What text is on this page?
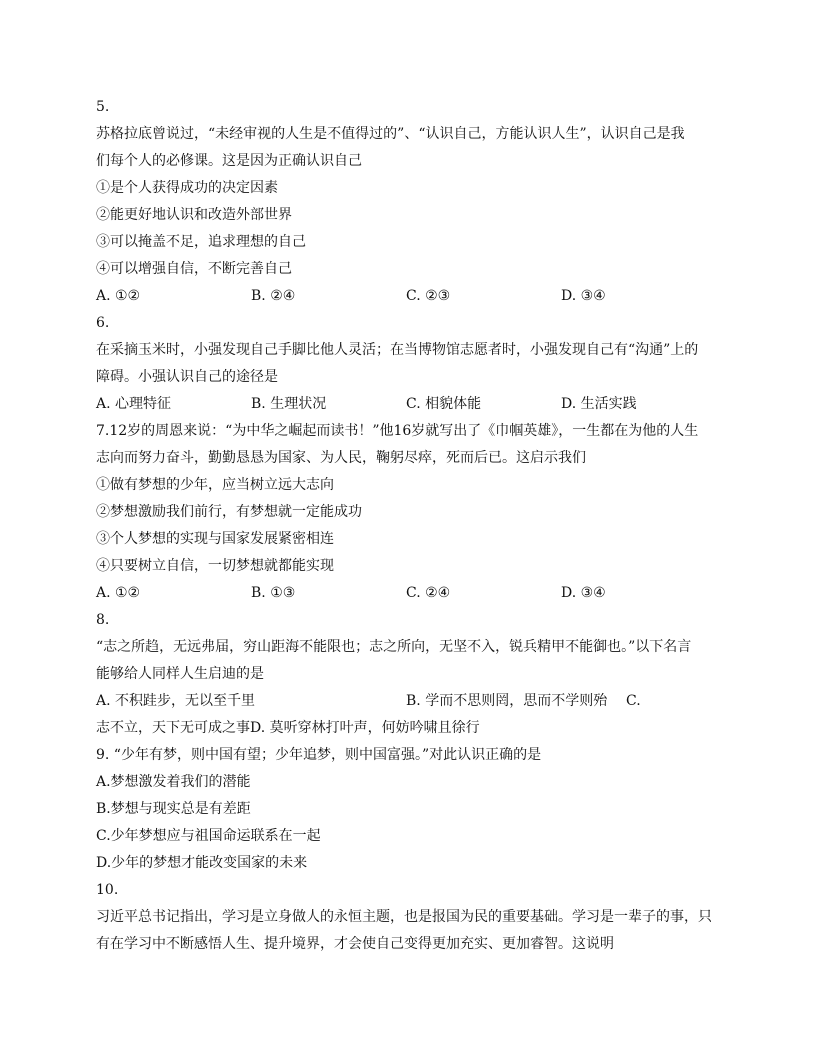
5.
苏格拉底曾说过，“未经审视的人生是不值得过的”、“认识自己，方能认识人生”，认识自己是我
们每个人的必修课。这是因为正确认识自己
①是个人获得成功的决定因素
②能更好地认识和改造外部世界
③可以掩盖不足，追求理想的自己
④可以增强自信，不断完善自己
A. ①②	B. ②④	C. ②③	D. ③④
6.
在采摘玉米时，小强发现自己手脚比他人灵活；在当博物馆志愿者时，小强发现自己有“沟通”上的
障碍。小强认识自己的途径是
A. 心理特征	B. 生理状况	C. 相貌体能	D. 生活实践
7.12岁的周恩来说：“为中华之崛起而读书！”他16岁就写出了《巾帼英雄》，一生都在为他的人生
志向而努力奋斗，勤勤恳恳为国家、为人民，鞠躬尽瘁，死而后已。这启示我们
①做有梦想的少年，应当树立远大志向
②梦想激励我们前行，有梦想就一定能成功
③个人梦想的实现与国家发展紧密相连
④只要树立自信，一切梦想就都能实现
A. ①②	B. ①③	C. ②④	D. ③④
8.
“志之所趋，无远弗届，穷山距海不能限也；志之所向，无坚不入，锐兵精甲不能御也。”以下名言
能够给人同样人生启迪的是
A. 不积跬步，无以至千里	B. 学而不思则罔，思而不学则殆	C.
志不立，天下无可成之事D. 莫听穿林打叶声，何妨吟啸且徐行
9. “少年有梦，则中国有望；少年追梦，则中国富强。”对此认识正确的是
A.梦想激发着我们的潜能
B.梦想与现实总是有差距
C.少年梦想应与祖国命运联系在一起
D.少年的梦想才能改变国家的未来
10.
习近平总书记指出，学习是立身做人的永恒主题，也是报国为民的重要基础。学习是一辈子的事，只
有在学习中不断感悟人生、提升境界，才会使自己变得更加充实、更加睿智。这说明
